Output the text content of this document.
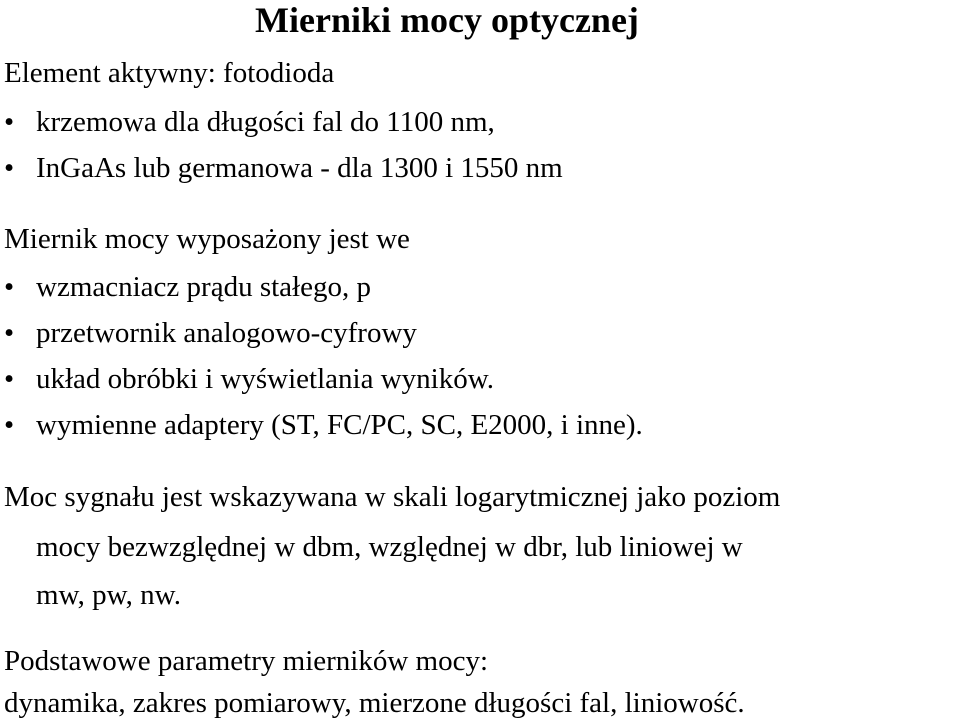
Mierniki mocy optycznej
Element aktywny: fotodioda
• krzemowa dla długości fal do 1100 nm,
• InGaAs lub germanowa - dla 1300 i 1550 nm
Miernik mocy wyposażony jest we
• wzmacniacz prądu stałego, p
• przetwornik analogowo-cyfrowy
• układ obróbki i wyświetlania wyników.
• wymienne adaptery (ST, FC/PC, SC, E2000, i inne).
Moc sygnału jest wskazywana w skali logarytmicznej jako poziom
mocy bezwzględnej w dbm, względnej w dbr, lub liniowej w
mw, pw, nw.
Podstawowe parametry mierników mocy:
dynamika, zakres pomiarowy, mierzone długości fal, liniowość.
